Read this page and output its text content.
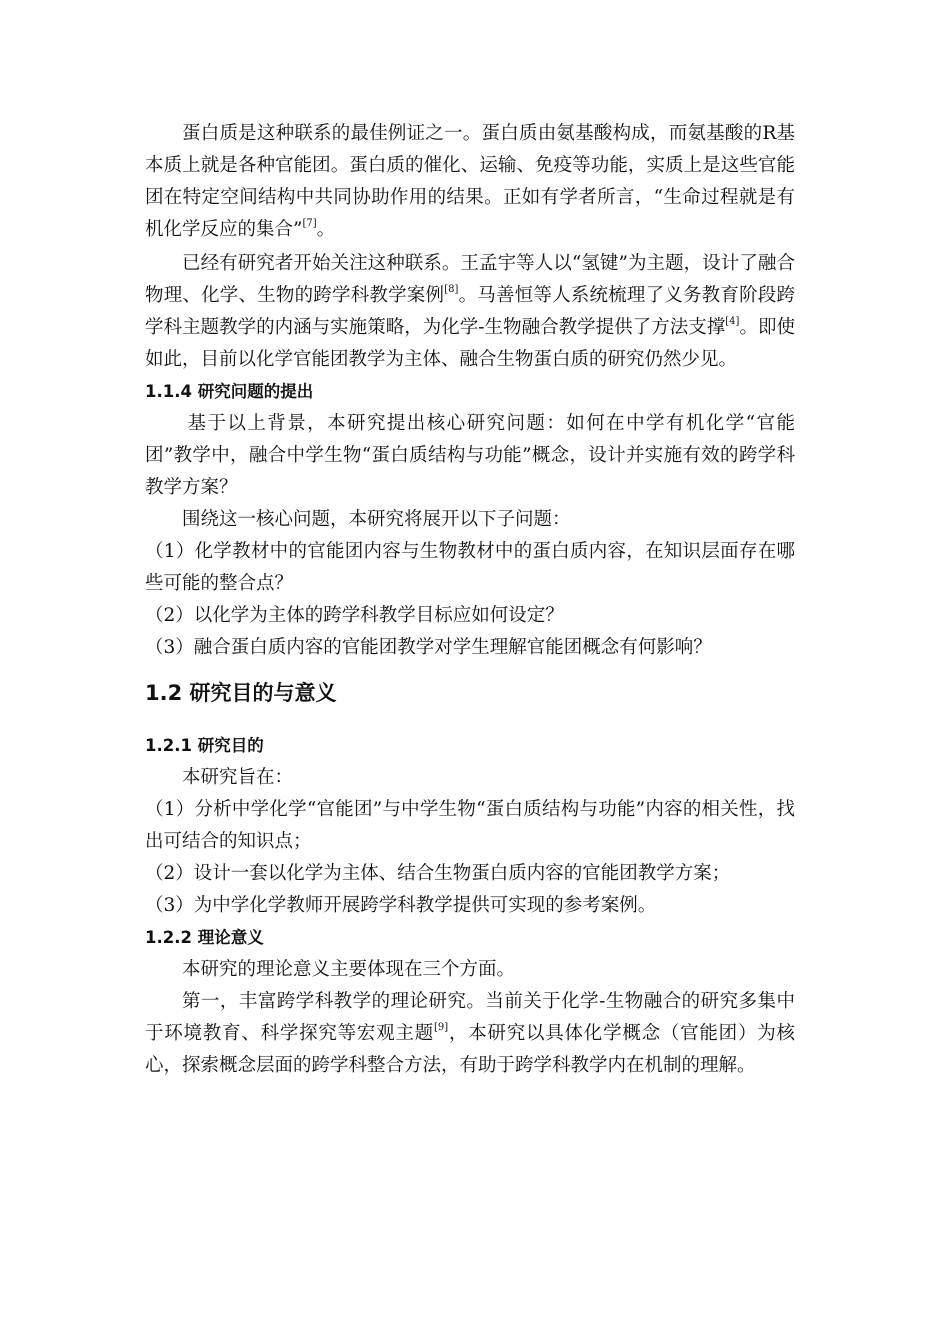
蛋白质是这种联系的最佳例证之一。蛋白质由氨基酸构成，而氨基酸的R基本质上就是各种官能团。蛋白质的催化、运输、免疫等功能，实质上是这些官能团在特定空间结构中共同协助作用的结果。正如有学者所言，“生命过程就是有机化学反应的集合”[7]。

已经有研究者开始关注这种联系。王孟宇等人以“氢键”为主题，设计了融合物理、化学、生物的跨学科教学案例[8]。马善恒等人系统梳理了义务教育阶段跨学科主题教学的内涵与实施策略，为化学-生物融合教学提供了方法支撑[4]。即使如此，目前以化学官能团教学为主体、融合生物蛋白质的研究仍然少见。

1.1.4 研究问题的提出

基于以上背景，本研究提出核心研究问题：如何在中学有机化学“官能团”教学中，融合中学生物“蛋白质结构与功能”概念，设计并实施有效的跨学科教学方案？

围绕这一核心问题，本研究将展开以下子问题：

（1）化学教材中的官能团内容与生物教材中的蛋白质内容，在知识层面存在哪些可能的整合点？

（2）以化学为主体的跨学科教学目标应如何设定？

（3）融合蛋白质内容的官能团教学对学生理解官能团概念有何影响？

1.2 研究目的与意义
1.2.1 研究目的

本研究旨在：

（1）分析中学化学“官能团”与中学生物“蛋白质结构与功能”内容的相关性，找出可结合的知识点；

（2）设计一套以化学为主体、结合生物蛋白质内容的官能团教学方案；

（3）为中学化学教师开展跨学科教学提供可实现的参考案例。

1.2.2 理论意义

本研究的理论意义主要体现在三个方面。

第一，丰富跨学科教学的理论研究。当前关于化学-生物融合的研究多集中于环境教育、科学探究等宏观主题[9]，本研究以具体化学概念（官能团）为核心，探索概念层面的跨学科整合方法，有助于跨学科教学内在机制的理解。
